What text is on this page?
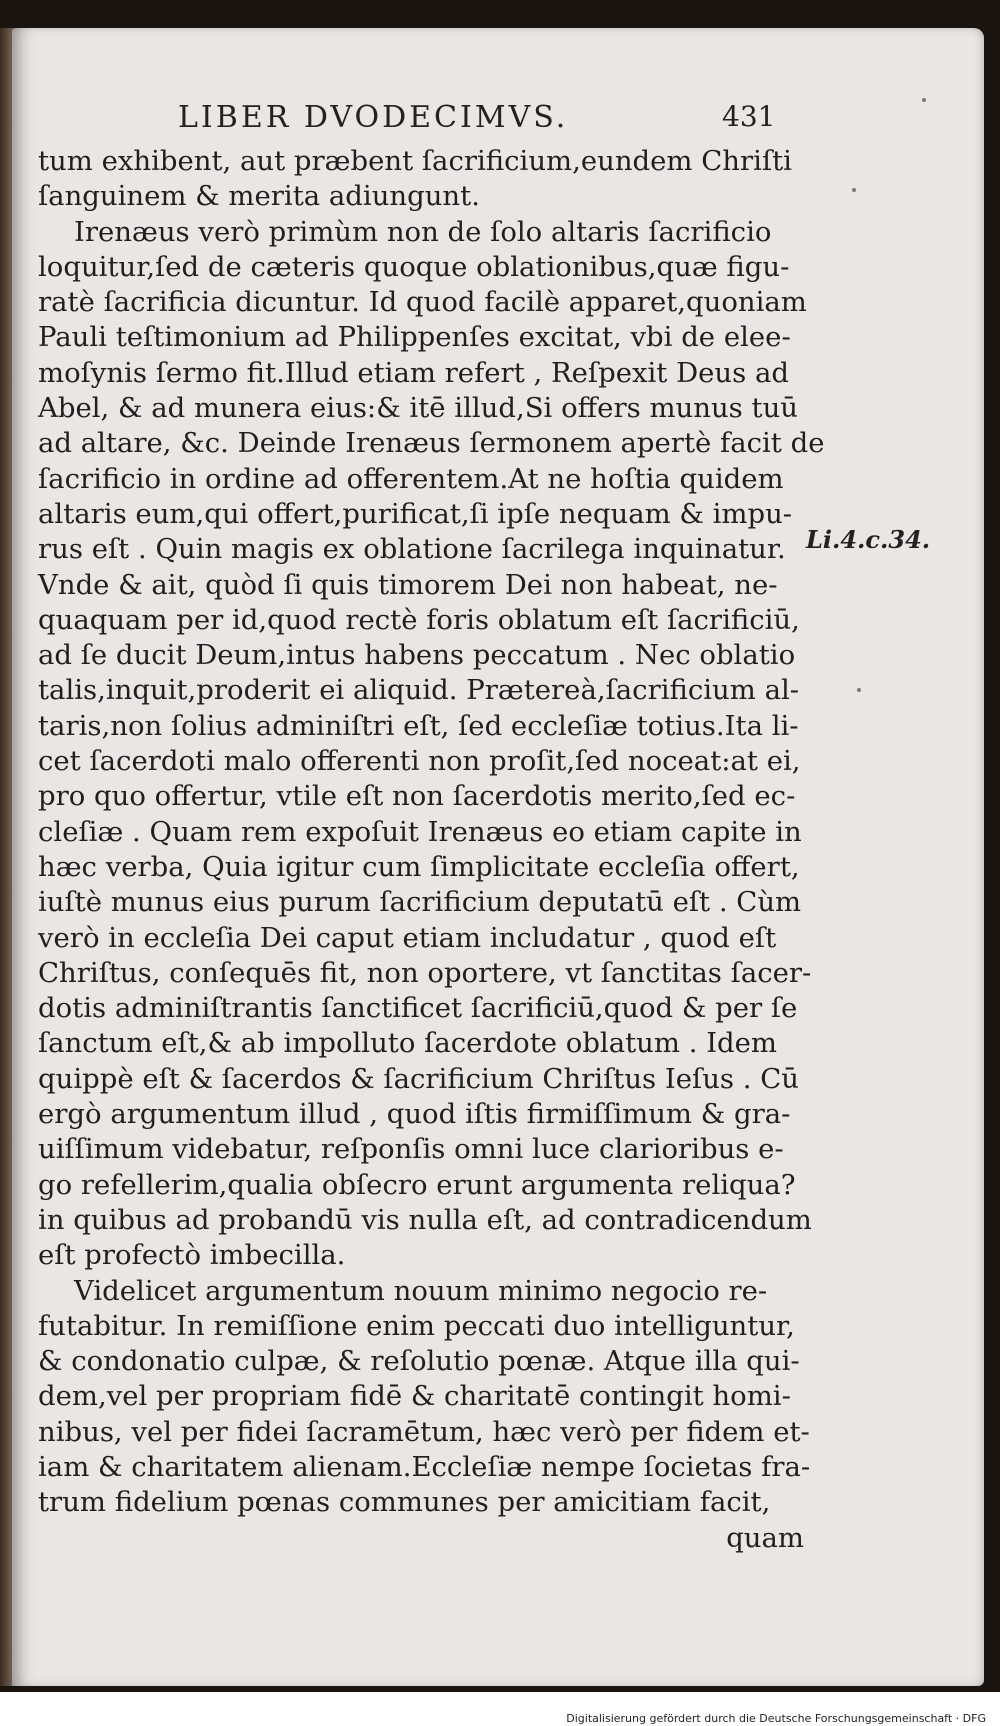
LIBER DVODECIMVS.	431
tum exhibent, aut præbent ſacrificium,eundem Chriſti
ſanguinem & merita adiungunt.
Irenæus verò primùm non de ſolo altaris ſacrificio
loquitur,ſed de cæteris quoque oblationibus,quæ figu-
ratè ſacrificia dicuntur. Id quod facilè apparet,quoniam
Pauli teſtimonium ad Philippenſes excitat, vbi de elee-
moſynis ſermo fit.Illud etiam refert , Reſpexit Deus ad
Abel, & ad munera eius:& itē illud,Si offers munus tuū
ad altare, &c. Deinde Irenæus ſermonem apertè facit de
ſacrificio in ordine ad offerentem.At ne hoſtia quidem
altaris eum,qui offert,purificat,ſi ipſe nequam & impu-
rus eſt . Quin magis ex oblatione ſacrilega inquinatur.
Vnde & ait, quòd ſi quis timorem Dei non habeat, ne-
quaquam per id,quod rectè foris oblatum eſt ſacrificiū,
ad ſe ducit Deum,intus habens peccatum . Nec oblatio
talis,inquit,proderit ei aliquid. Prӕtereà,ſacrificium al-
taris,non ſolius adminiſtri eſt, ſed eccleſiæ totius.Ita li-
cet ſacerdoti malo offerenti non proſit,ſed noceat:at ei,
pro quo offertur, vtile eſt non ſacerdotis merito,ſed ec-
cleſiæ . Quam rem expoſuit Irenæus eo etiam capite in
hæc verba, Quia igitur cum ſimplicitate eccleſia offert,
iuſtè munus eius purum ſacrificium deputatū eſt . Cùm
verò in eccleſia Dei caput etiam includatur , quod eſt
Chriſtus, conſequēs fit, non oportere, vt ſanctitas ſacer-
dotis adminiſtrantis ſanctificet ſacrificiū,quod & per ſe
ſanctum eſt,& ab impolluto ſacerdote oblatum . Idem
quippè eſt & ſacerdos & ſacrificium Chriſtus Ieſus . Cū
ergò argumentum illud , quod iſtis firmiſſimum & gra-
uiſſimum videbatur, reſponſis omni luce clarioribus e-
go refellerim,qualia obſecro erunt argumenta reliqua?
in quibus ad probandū vis nulla eſt, ad contradicendum
eſt profectò imbecilla.
Videlicet argumentum nouum minimo negocio re-
futabitur. In remiſſione enim peccati duo intelliguntur,
& condonatio culpæ, & reſolutio pœnæ. Atque illa qui-
dem,vel per propriam fidē & charitatē contingit homi-
nibus, vel per fidei ſacramētum, hæc verò per fidem et-
iam & charitatem alienam.Eccleſiæ nempe ſocietas fra-
trum fidelium pœnas communes per amicitiam facit,
quam
Li.4.c.34.
Digitalisierung gefördert durch die Deutsche Forschungsgemeinschaft · DFG
